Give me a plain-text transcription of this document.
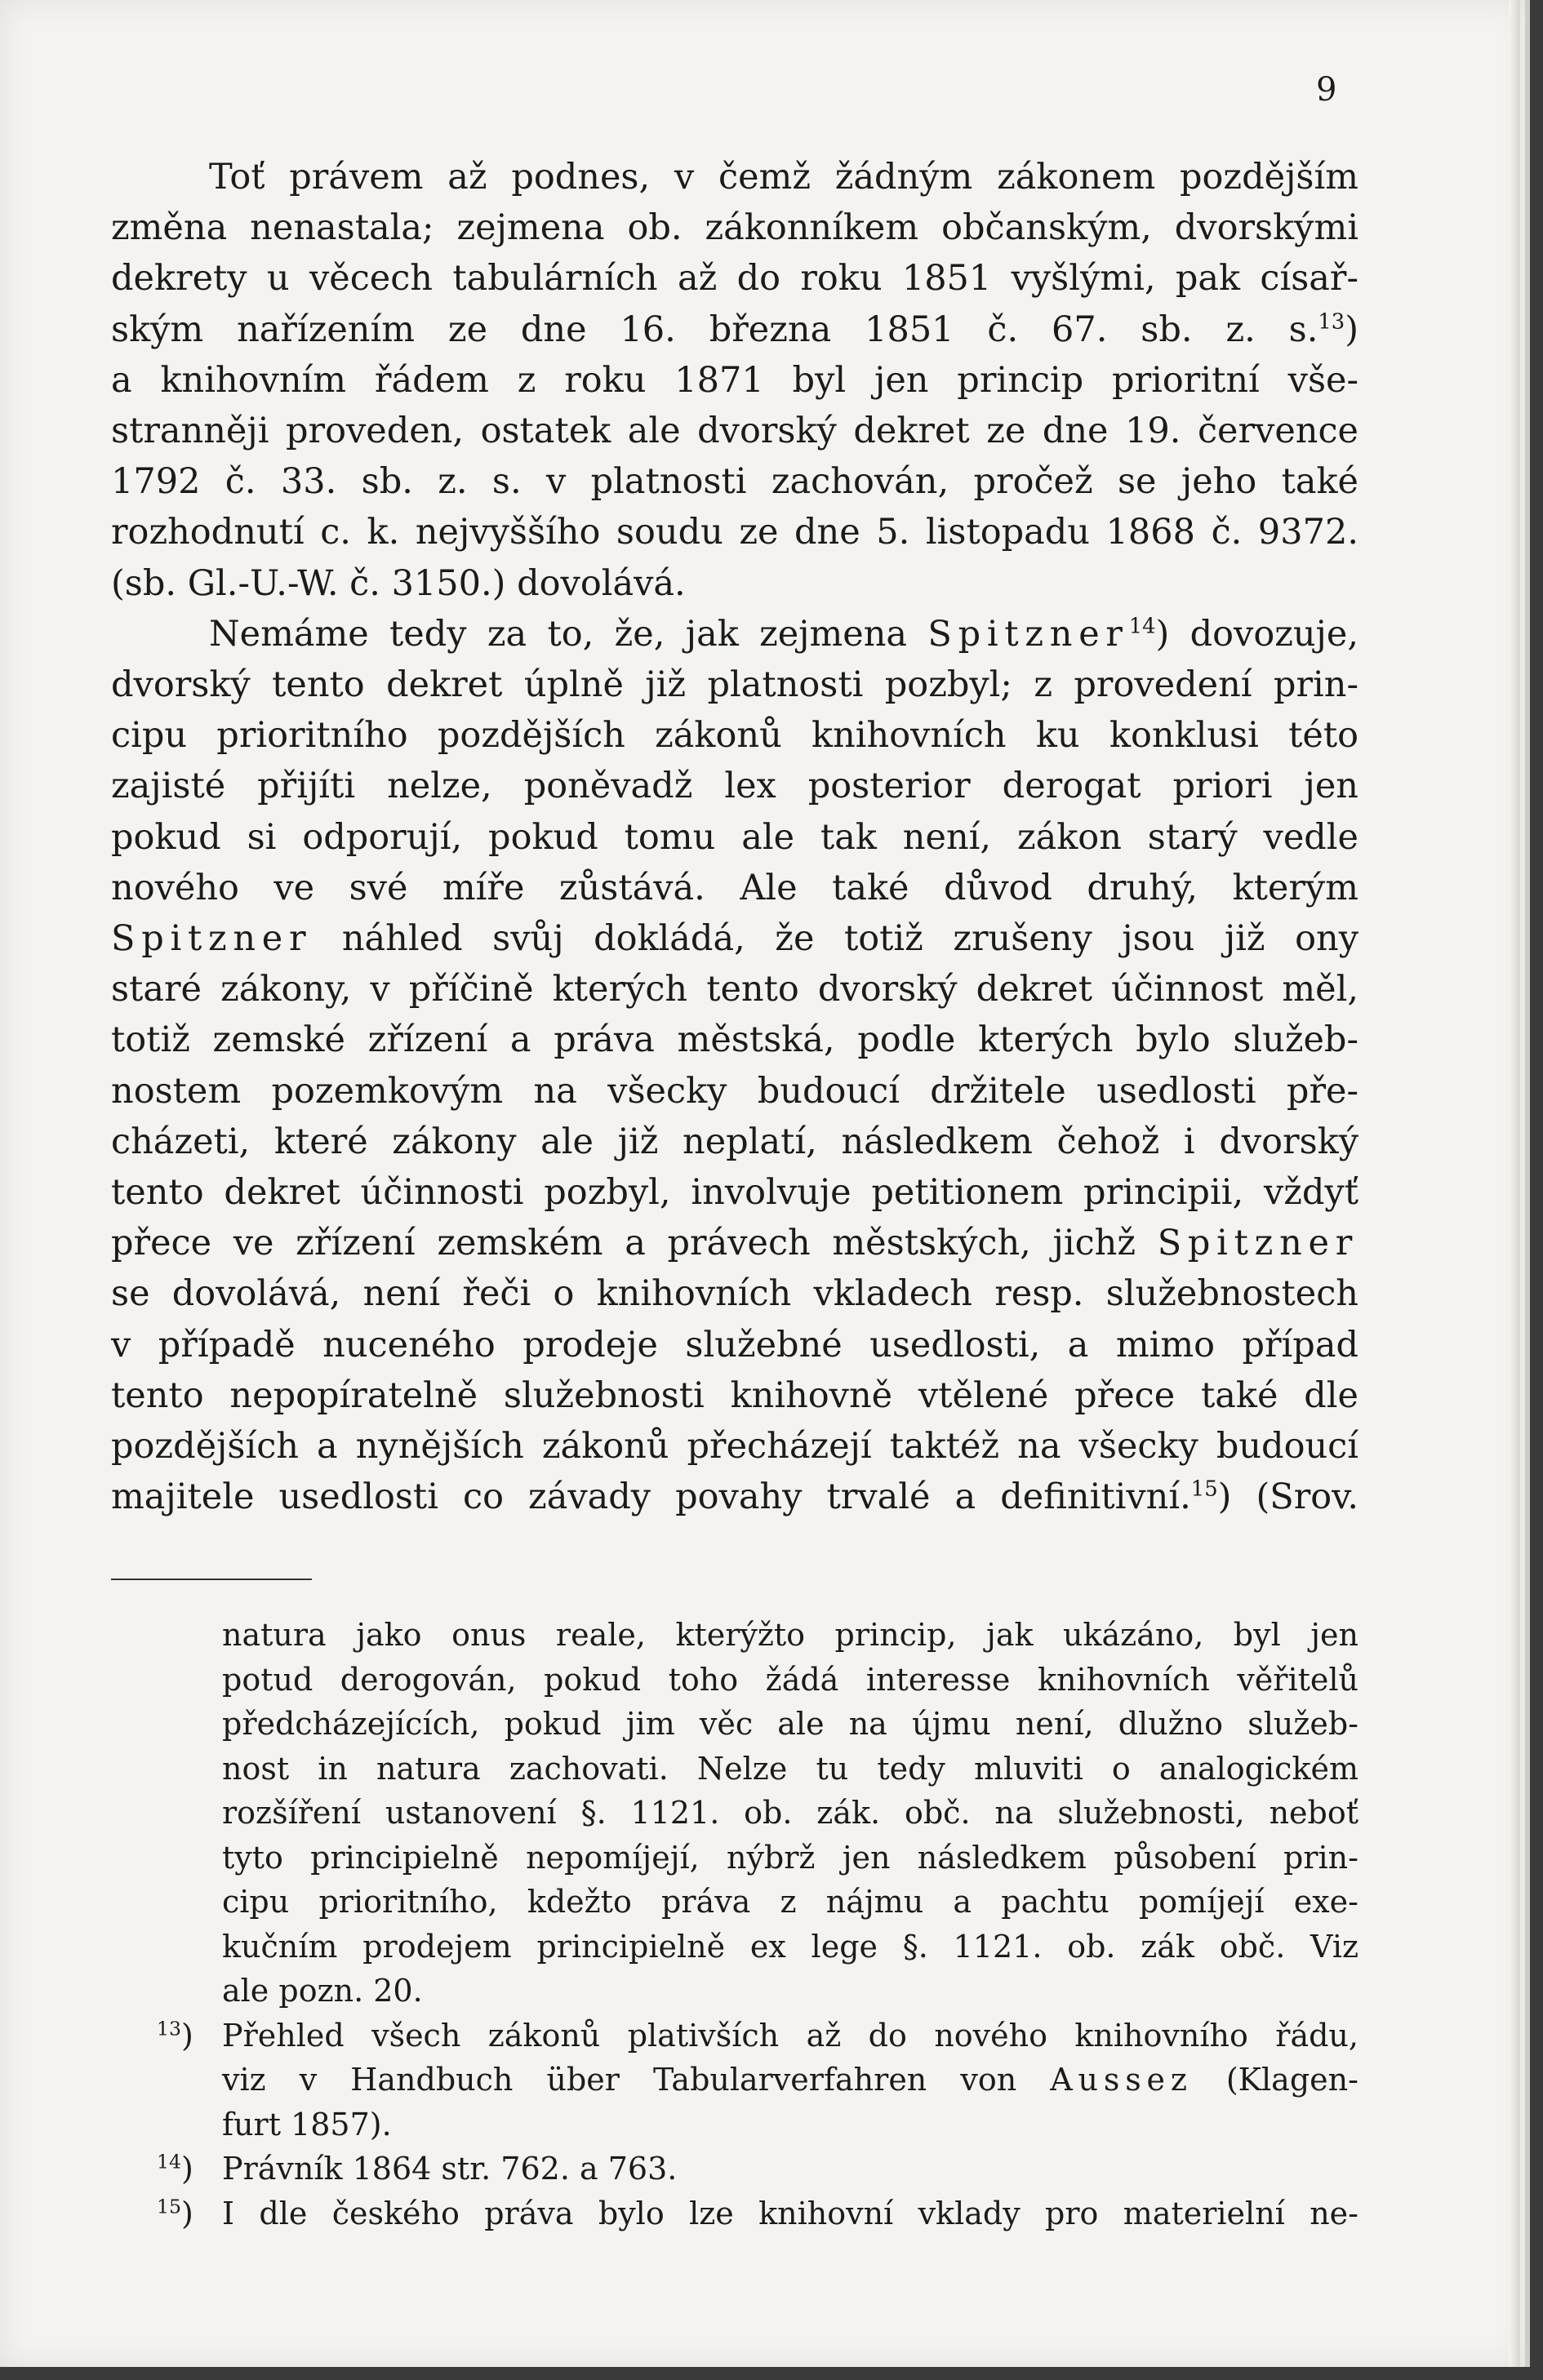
9
Toť právem až podnes, v čemž žádným zákonem pozdějším
změna nenastala; zejmena ob. zákonníkem občanským, dvorskými
dekrety u věcech tabulárních až do roku 1851 vyšlými, pak císař-
ským nařízením ze dne 16. března 1851 č. 67. sb. z. s.$^{13}$)
a knihovním řádem z roku 1871 byl jen princip prioritní vše-
stranněji proveden, ostatek ale dvorský dekret ze dne 19. července
1792 č. 33. sb. z. s. v platnosti zachován, pročež se jeho také
rozhodnutí c. k. nejvyššího soudu ze dne 5. listopadu 1868 č. 9372.
(sb. Gl.-U.-W. č. 3150.) dovolává.
Nemáme tedy za to, že, jak zejmena Spitzner$^{14}$) dovozuje,
dvorský tento dekret úplně již platnosti pozbyl; z provedení prin-
cipu prioritního pozdějších zákonů knihovních ku konklusi této
zajisté přijíti nelze, poněvadž lex posterior derogat priori jen
pokud si odporují, pokud tomu ale tak není, zákon starý vedle
nového ve své míře zůstává. Ale také důvod druhý, kterým
Spitzner náhled svůj dokládá, že totiž zrušeny jsou již ony
staré zákony, v příčině kterých tento dvorský dekret účinnost měl,
totiž zemské zřízení a práva městská, podle kterých bylo služeb-
nostem pozemkovým na všecky budoucí držitele usedlosti pře-
cházeti, které zákony ale již neplatí, následkem čehož i dvorský
tento dekret účinnosti pozbyl, involvuje petitionem principii, vždyť
přece ve zřízení zemském a právech městských, jichž Spitzner
se dovolává, není řeči o knihovních vkladech resp. služebnostech
v případě nuceného prodeje služebné usedlosti, a mimo případ
tento nepopíratelně služebnosti knihovně vtělené přece také dle
pozdějších a nynějších zákonů přecházejí taktéž na všecky budoucí
majitele usedlosti co závady povahy trvalé a definitivní.$^{15}$) (Srov.
natura jako onus reale, kterýžto princip, jak ukázáno, byl jen
potud derogován, pokud toho žádá interesse knihovních věřitelů
předcházejících, pokud jim věc ale na újmu není, dlužno služeb-
nost in natura zachovati. Nelze tu tedy mluviti o analogickém
rozšíření ustanovení §. 1121. ob. zák. obč. na služebnosti, neboť
tyto principielně nepomíjejí, nýbrž jen následkem působení prin-
cipu prioritního, kdežto práva z nájmu a pachtu pomíjejí exe-
kučním prodejem principielně ex lege §. 1121. ob. zák obč. Viz
ale pozn. 20.
$^{13}$) Přehled všech zákonů plativších až do nového knihovního řádu,
viz v Handbuch über Tabularverfahren von Aussez (Klagen-
furt 1857).
$^{14}$) Právník 1864 str. 762. a 763.
$^{15}$) I dle českého práva bylo lze knihovní vklady pro materielní ne-
